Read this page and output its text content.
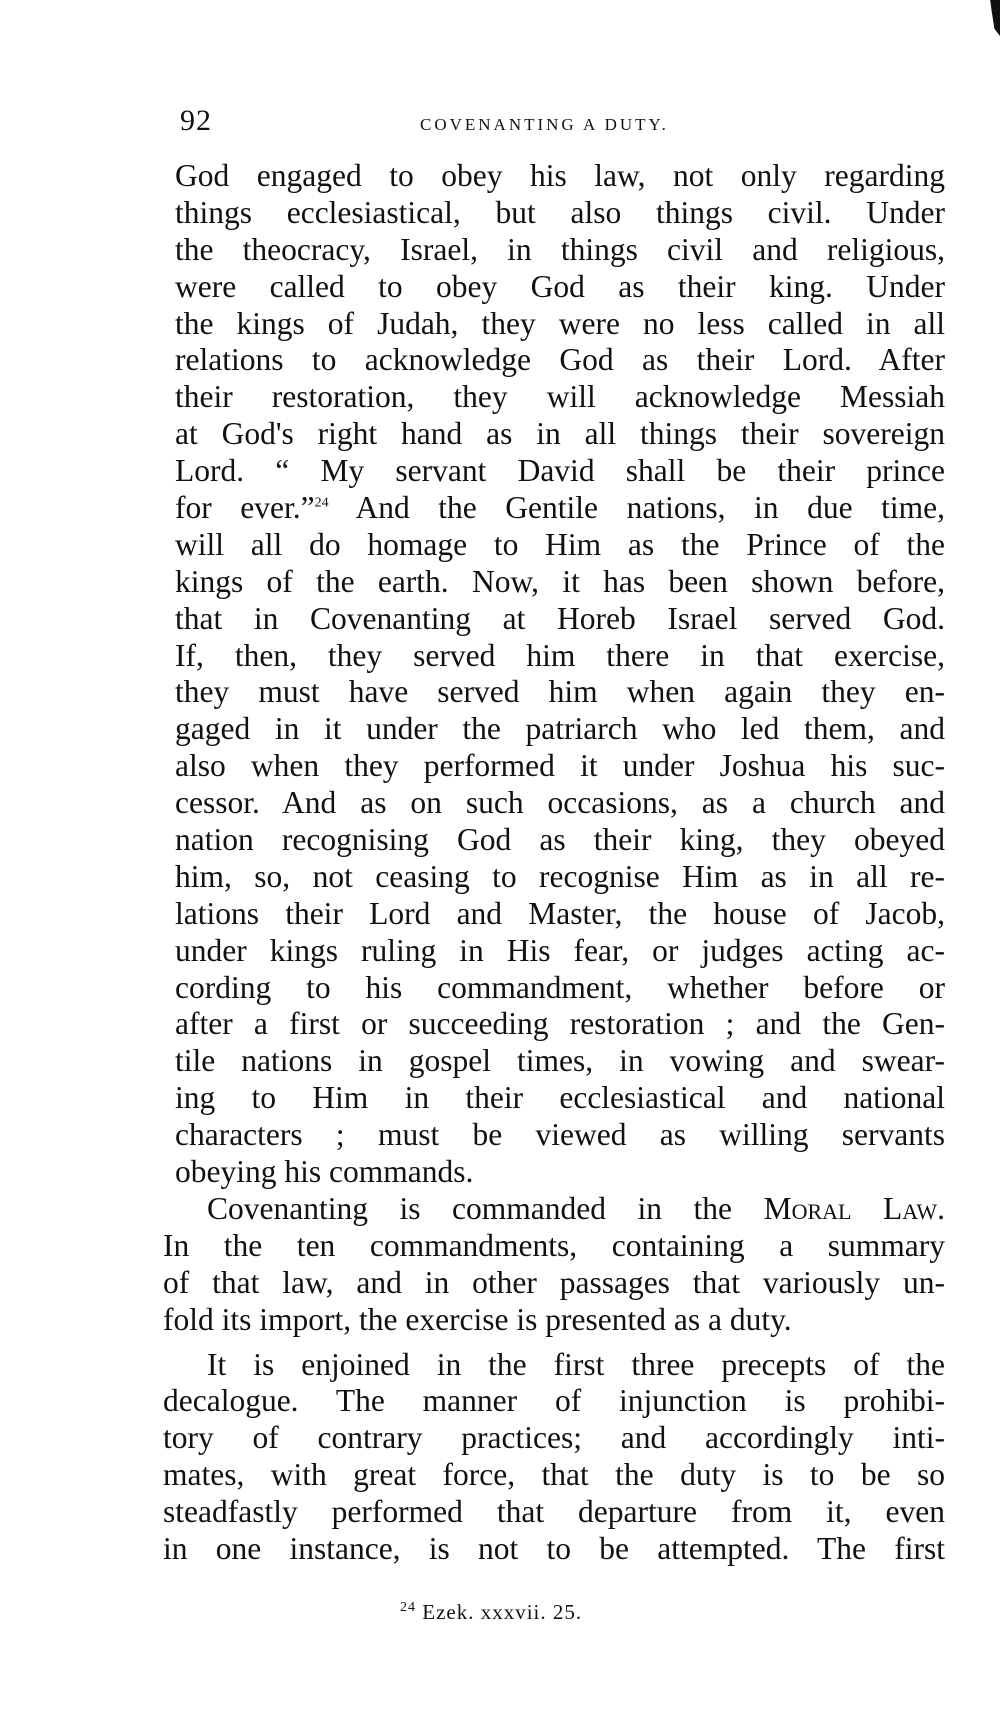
92	COVENANTING A DUTY.
God engaged to obey his law, not only regarding
things ecclesiastical, but also things civil. Under
the theocracy, Israel, in things civil and religious,
were called to obey God as their king. Under
the kings of Judah, they were no less called in all
relations to acknowledge God as their Lord. After
their restoration, they will acknowledge Messiah
at God's right hand as in all things their sovereign
Lord. “ My servant David shall be their prince
for ever.”$^{24}$ And the Gentile nations, in due time,
will all do homage to Him as the Prince of the
kings of the earth. Now, it has been shown before,
that in Covenanting at Horeb Israel served God.
If, then, they served him there in that exercise,
they must have served him when again they en-
gaged in it under the patriarch who led them, and
also when they performed it under Joshua his suc-
cessor. And as on such occasions, as a church and
nation recognising God as their king, they obeyed
him, so, not ceasing to recognise Him as in all re-
lations their Lord and Master, the house of Jacob,
under kings ruling in His fear, or judges acting ac-
cording to his commandment, whether before or
after a first or succeeding restoration ; and the Gen-
tile nations in gospel times, in vowing and swear-
ing to Him in their ecclesiastical and national
characters ; must be viewed as willing servants
obeying his commands.
Covenanting is commanded in the Moral Law.
In the ten commandments, containing a summary
of that law, and in other passages that variously un-
fold its import, the exercise is presented as a duty.
It is enjoined in the first three precepts of the
decalogue. The manner of injunction is prohibi-
tory of contrary practices; and accordingly inti-
mates, with great force, that the duty is to be so
steadfastly performed that departure from it, even
in one instance, is not to be attempted. The first
$^{24}$ Ezek. xxxvii. 25.
